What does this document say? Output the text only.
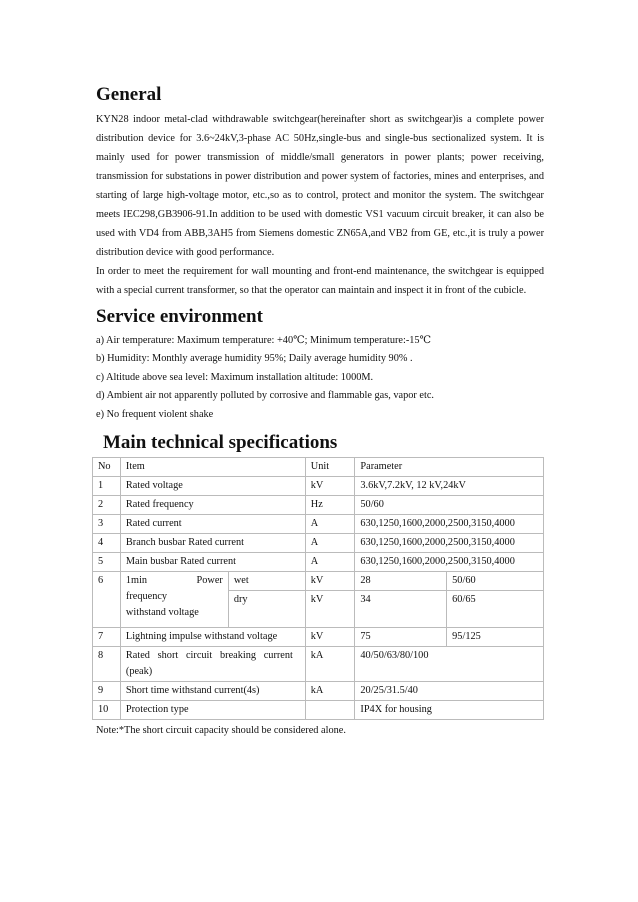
General

KYN28 indoor metal-clad withdrawable switchgear(hereinafter short as switchgear)is a complete power distribution device for 3.6~24kV,3-phase AC 50Hz,single-bus and single-bus sectionalized system. It is mainly used for power transmission of middle/small generators in power plants; power receiving, transmission for substations in power distribution and power system of factories, mines and enterprises, and starting of large high-voltage motor, etc.,so as to control, protect and monitor the system. The switchgear meets IEC298,GB3906-91.In addition to be used with domestic VS1 vacuum circuit breaker, it can also be used with VD4 from ABB,3AH5 from Siemens domestic ZN65A,and VB2 from GE, etc.,it is truly a power distribution device with good performance.

In order to meet the requirement for wall mounting and front-end maintenance, the switchgear is equipped with a special current transformer, so that the operator can maintain and inspect it in front of the cubicle.

Service environment
a) Air temperature: Maximum temperature: +40℃; Minimum temperature:-15℃
b) Humidity: Monthly average humidity 95%; Daily average humidity 90% .
c) Altitude above sea level: Maximum installation altitude: 1000M.
d) Ambient air not apparently polluted by corrosive and flammable gas, vapor etc.
e) No frequent violent shake
Main technical specifications
No	Item		Unit	Parameter	
1	Rated voltage		kV	3.6kV,7.2kV, 12 kV,24kV	
2	Rated frequency		Hz	50/60	
3	Rated current		A	630,1250,1600,2000,2500,3150,4000	
4	Branch busbar Rated current		A	630,1250,1600,2000,2500,3150,4000	
5	Main busbar Rated current		A	630,1250,1600,2000,2500,3150,4000	
6	1min Power
frequency
withstand voltage	wet	kV	28	50/60
		dry	kV	34	60/65
7	Lightning impulse withstand voltage		kV	75	95/125
8	Rated   short   circuit   breaking   current
(peak)		kA	40/50/63/80/100	
9	Short time withstand current(4s)		kA	20/25/31.5/40	
10	Protection type			IP4X for housing	
Note:*The short circuit capacity should be considered alone.
